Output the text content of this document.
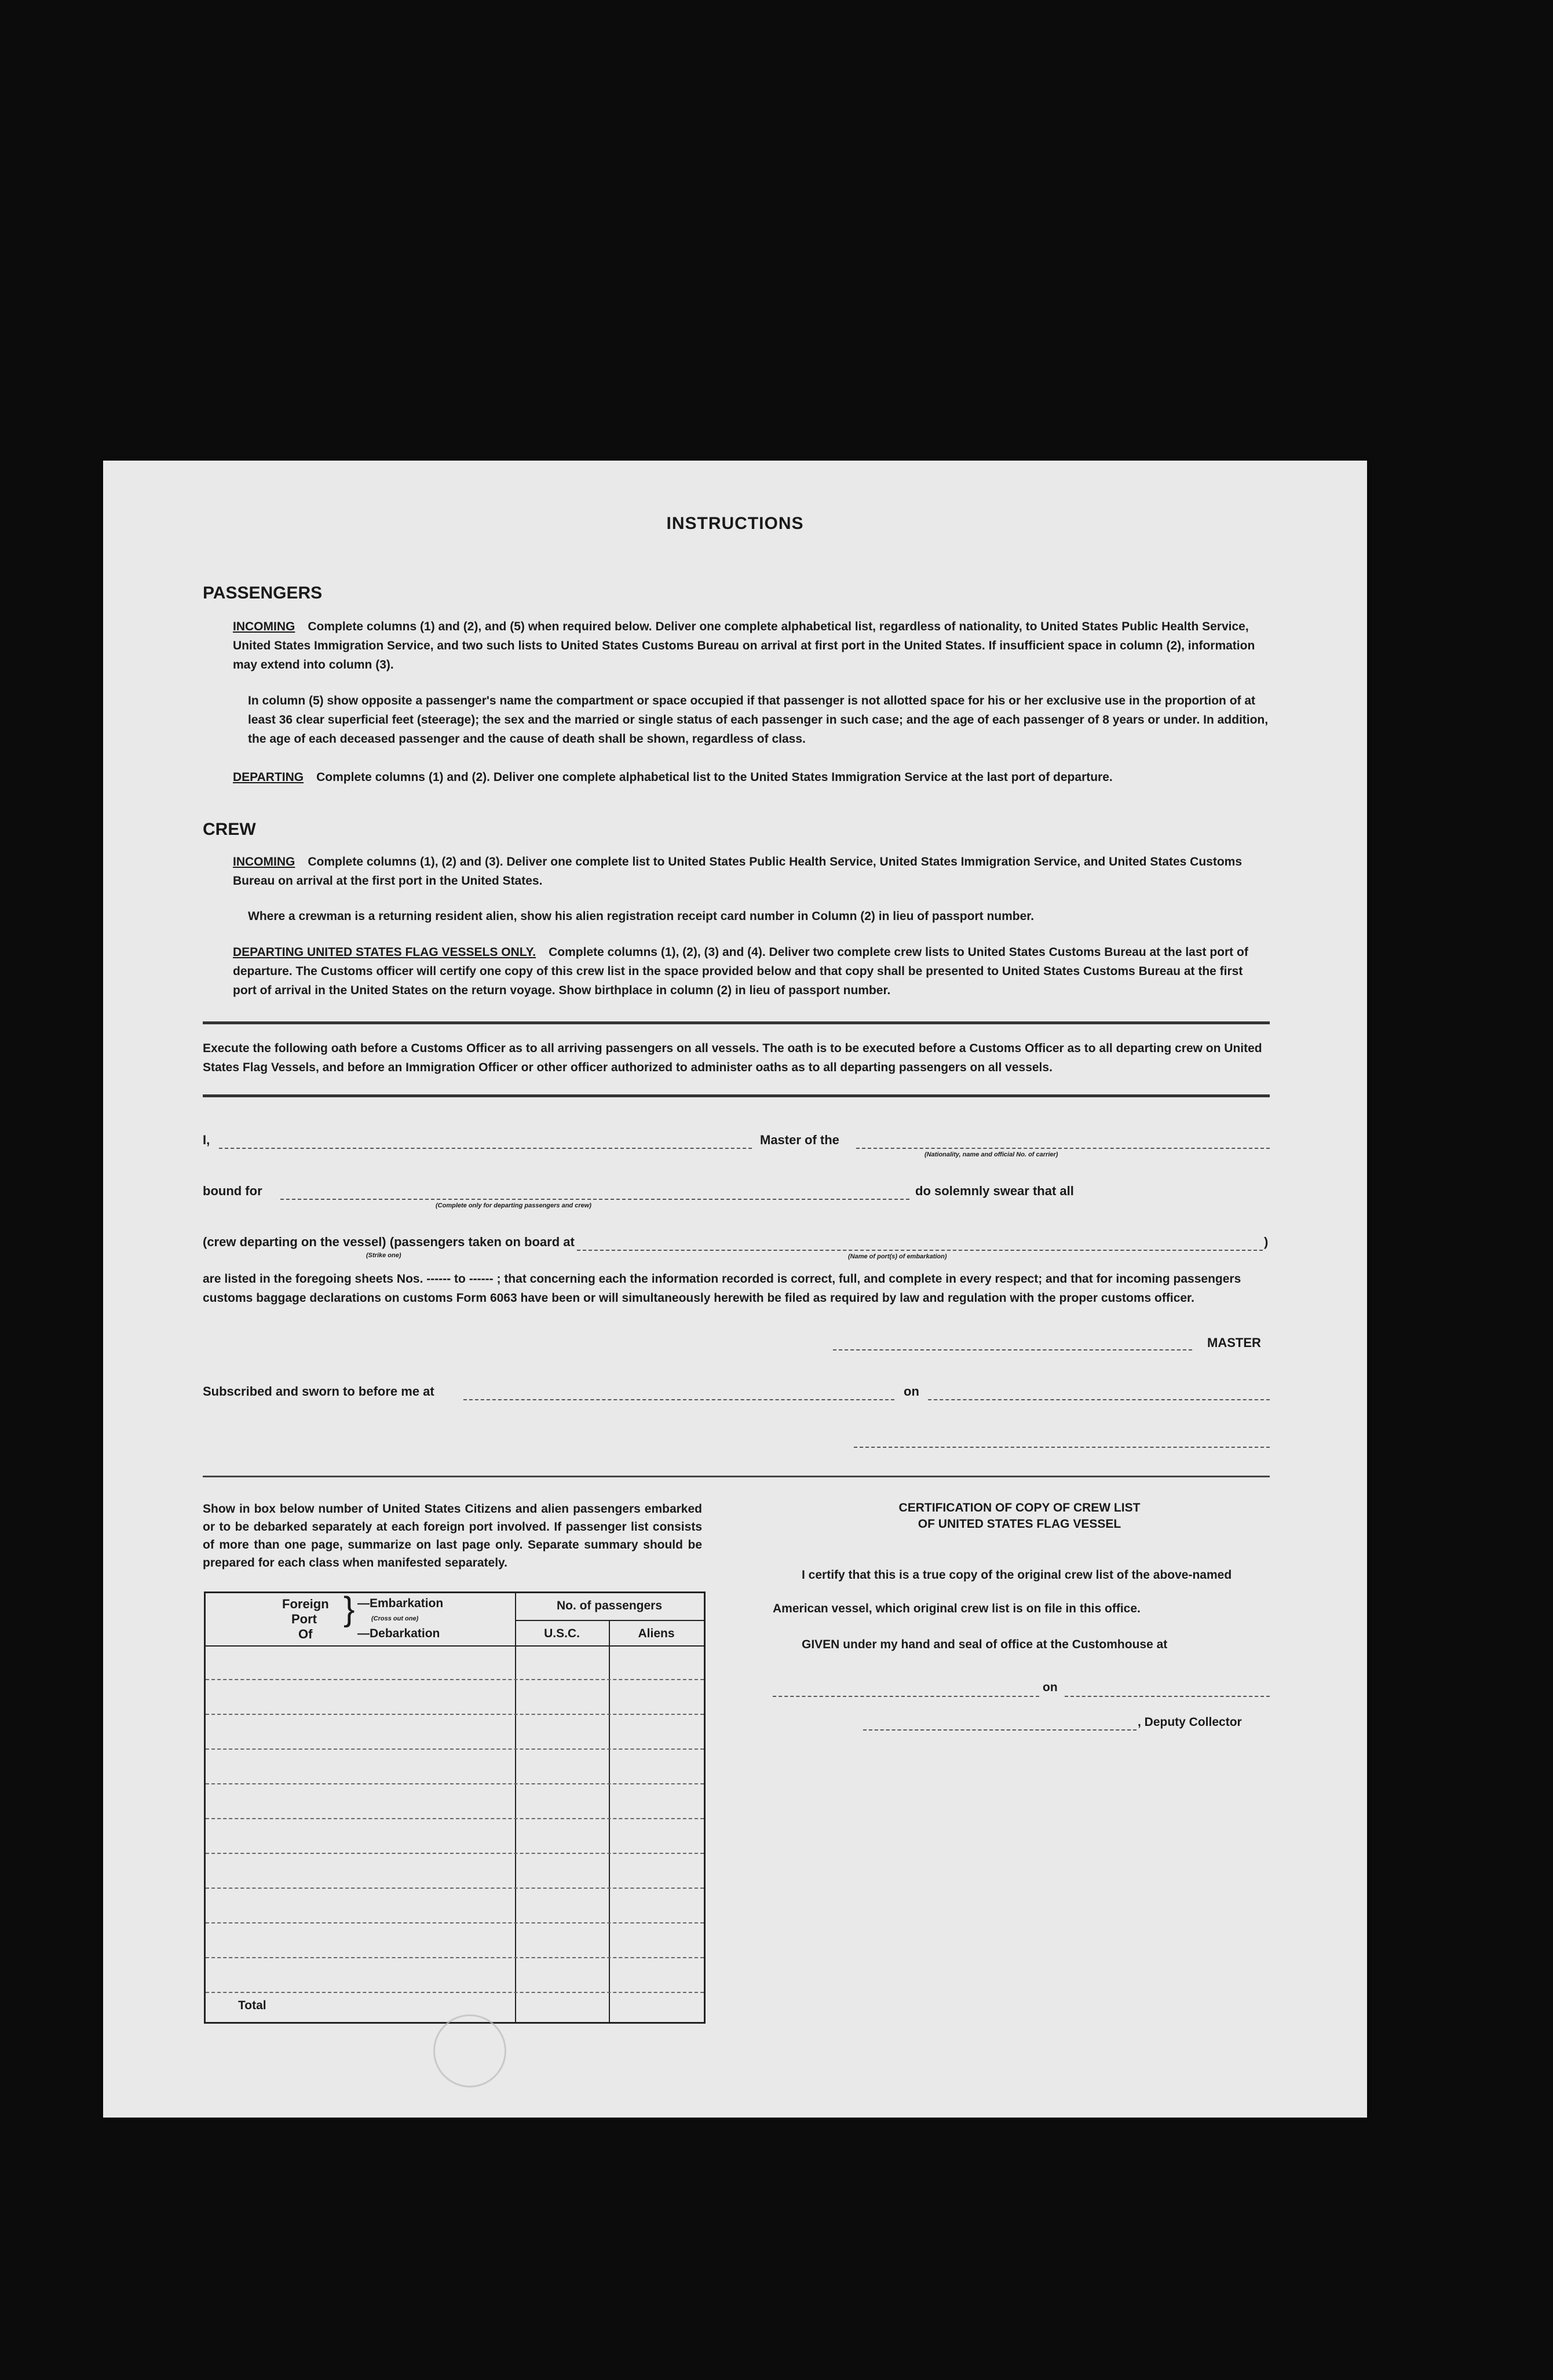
INSTRUCTIONS
PASSENGERS
INCOMING Complete columns (1) and (2), and (5) when required below. Deliver one complete alphabetical list, regardless of nationality, to United States Public Health Service, United States Immigration Service, and two such lists to United States Customs Bureau on arrival at first port in the United States. If insufficient space in column (2), information may extend into column (3).
In column (5) show opposite a passenger's name the compartment or space occupied if that passenger is not allotted space for his or her exclusive use in the proportion of at least 36 clear superficial feet (steerage); the sex and the married or single status of each passenger in such case; and the age of each passenger of 8 years or under. In addition, the age of each deceased passenger and the cause of death shall be shown, regardless of class.
DEPARTING Complete columns (1) and (2). Deliver one complete alphabetical list to the United States Immigration Service at the last port of departure.
CREW
INCOMING Complete columns (1), (2) and (3). Deliver one complete list to United States Public Health Service, United States Immigration Service, and United States Customs Bureau on arrival at the first port in the United States.
Where a crewman is a returning resident alien, show his alien registration receipt card number in Column (2) in lieu of passport number.
DEPARTING UNITED STATES FLAG VESSELS ONLY. Complete columns (1), (2), (3) and (4). Deliver two complete crew lists to United States Customs Bureau at the last port of departure. The Customs officer will certify one copy of this crew list in the space provided below and that copy shall be presented to United States Customs Bureau at the first port of arrival in the United States on the return voyage. Show birthplace in column (2) in lieu of passport number.
Execute the following oath before a Customs Officer as to all arriving passengers on all vessels. The oath is to be executed before a Customs Officer as to all departing crew on United States Flag Vessels, and before an Immigration Officer or other officer authorized to administer oaths as to all departing passengers on all vessels.
I,	Master of the
(Nationality, name and official No. of carrier)
bound for
(Complete only for departing passengers and crew)
do solemnly swear that all
(crew departing on the vessel) (passengers taken on board at
(Strike one)	(Name of port(s) of embarkation)
)
are listed in the foregoing sheets Nos. ------ to ------ ; that concerning each the information recorded is correct, full, and complete in every respect; and that for incoming passengers customs baggage declarations on customs Form 6063 have been or will simultaneously herewith be filed as required by law and regulation with the proper customs officer.
MASTER
Subscribed and sworn to before me at	on
Show in box below number of United States Citizens and alien passengers embarked or to be debarked separately at each foreign port involved. If passenger list consists of more than one page, summarize on last page only. Separate summary should be prepared for each class when manifested separately.
Foreign
Port
Of
} —Embarkation
(Cross out one)
—Debarkation
No. of passengers
U.S.C.	Aliens
Total
CERTIFICATION OF COPY OF CREW LIST
OF UNITED STATES FLAG VESSEL
I certify that this is a true copy of the original crew list of the above-named
American vessel, which original crew list is on file in this office.
GIVEN under my hand and seal of office at the Customhouse at
on
, Deputy Collector
